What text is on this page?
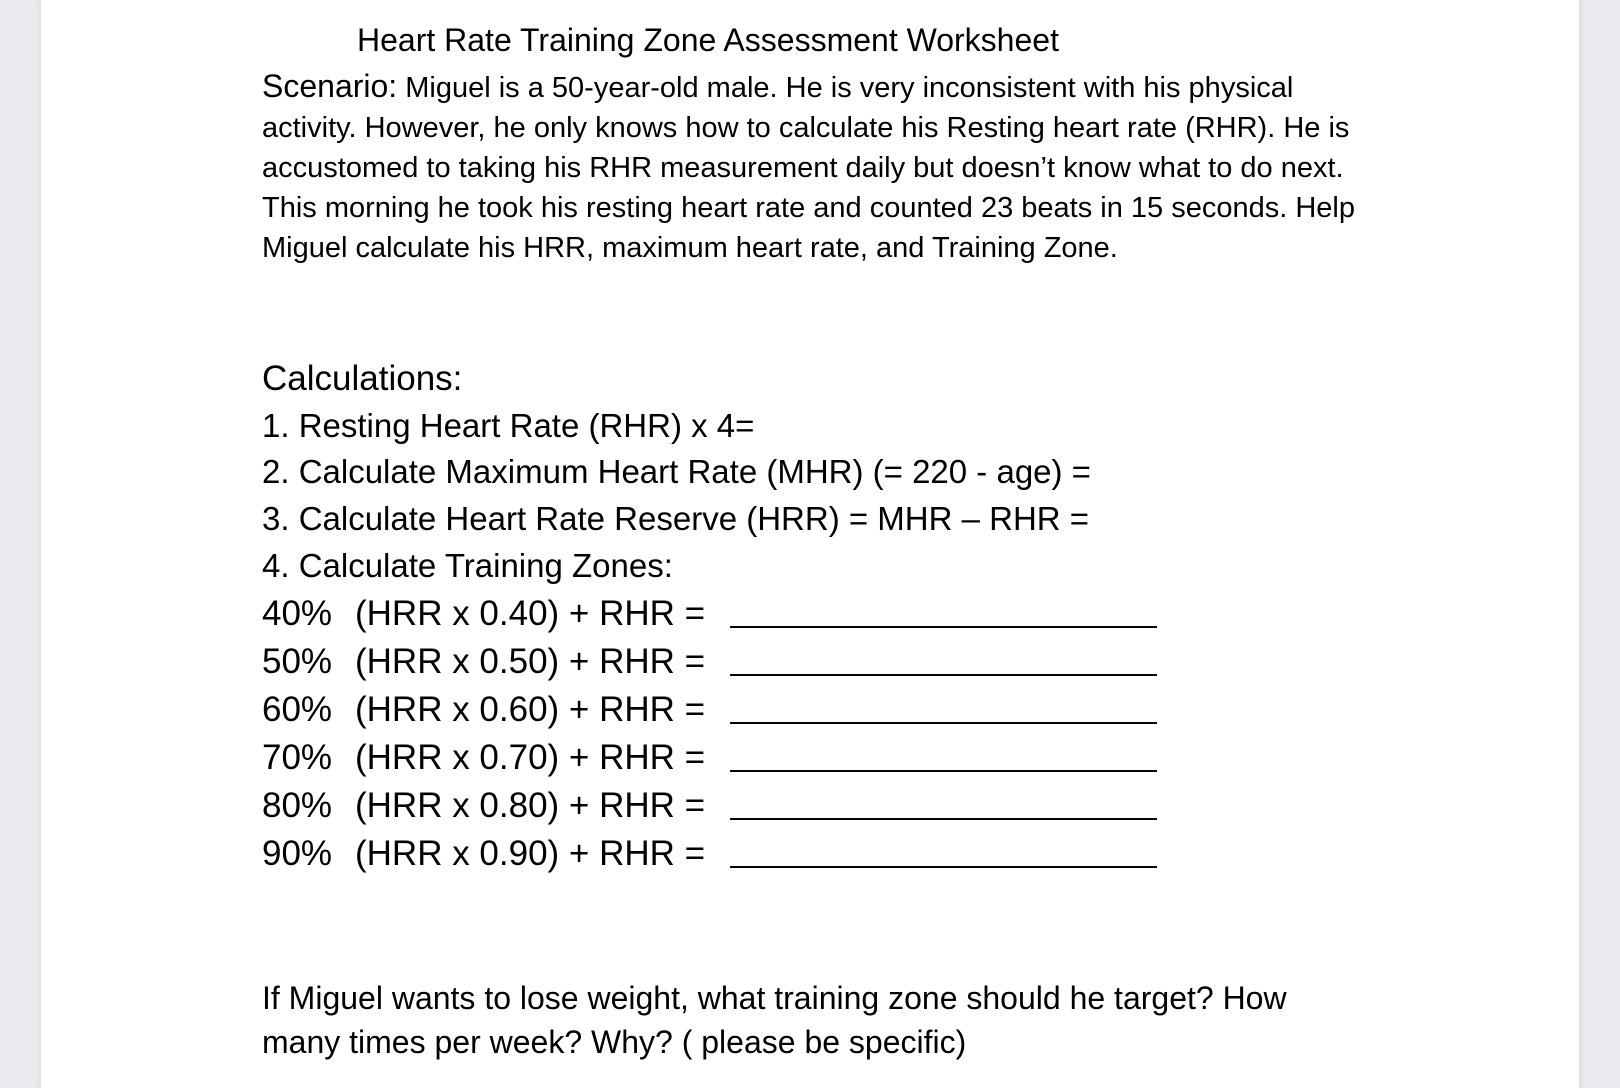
Heart Rate Training Zone Assessment Worksheet

Scenario: Miguel is a 50-year-old male. He is very inconsistent with his physical

activity. However, he only knows how to calculate his Resting heart rate (RHR). He is

accustomed to taking his RHR measurement daily but doesn’t know what to do next.

This morning he took his resting heart rate and counted 23 beats in 15 seconds. Help

Miguel calculate his HRR, maximum heart rate, and Training Zone.

Calculations:
1. Resting Heart Rate (RHR) x 4=
2. Calculate Maximum Heart Rate (MHR) (= 220 - age) =
3. Calculate Heart Rate Reserve (HRR) = MHR – RHR =
4. Calculate Training Zones:
40% (HRR x 0.40) + RHR =
50% (HRR x 0.50) + RHR =
60% (HRR x 0.60) + RHR =
70% (HRR x 0.70) + RHR =
80% (HRR x 0.80) + RHR =
90% (HRR x 0.90) + RHR =

If Miguel wants to lose weight, what training zone should he target? How

many times per week? Why? ( please be specific)
